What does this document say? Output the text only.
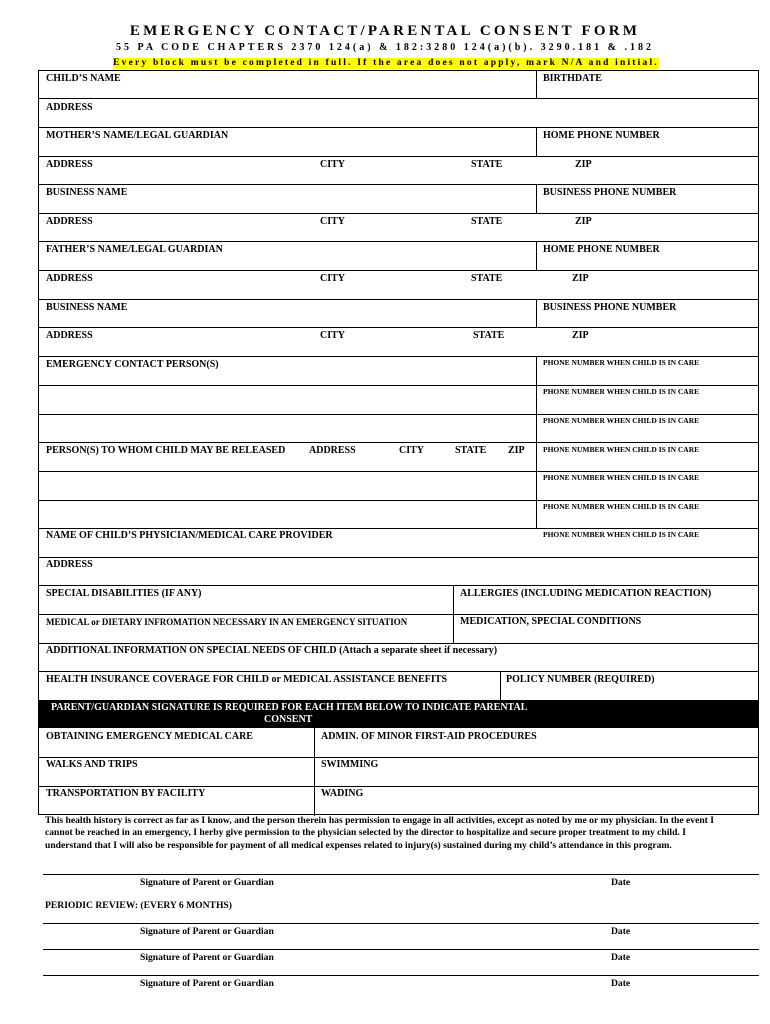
EMERGENCY CONTACT/PARENTAL CONSENT FORM
55 PA CODE CHAPTERS 2370 124(a) & 182:3280 124(a)(b). 3290.181 & .182
Every block must be completed in full. If the area does not apply, mark N/A and initial.
CHILD’S NAME	BIRTHDATE
ADDRESS
MOTHER’S NAME/LEGAL GUARDIAN	HOME PHONE NUMBER
ADDRESS	CITY	STATE	ZIP
BUSINESS NAME	BUSINESS PHONE NUMBER
ADDRESS	CITY	STATE	ZIP
FATHER’S NAME/LEGAL GUARDIAN	HOME PHONE NUMBER
ADDRESS	CITY	STATE	ZIP
BUSINESS NAME	BUSINESS PHONE NUMBER
ADDRESS	CITY	STATE	ZIP
EMERGENCY CONTACT PERSON(S)	PHONE NUMBER WHEN CHILD IS IN CARE
PHONE NUMBER WHEN CHILD IS IN CARE
PHONE NUMBER WHEN CHILD IS IN CARE
PERSON(S) TO WHOM CHILD MAY BE RELEASED ADDRESS	CITY	STATE ZIP PHONE NUMBER WHEN CHILD IS IN CARE
PHONE NUMBER WHEN CHILD IS IN CARE
PHONE NUMBER WHEN CHILD IS IN CARE
NAME OF CHILD’S PHYSICIAN/MEDICAL CARE PROVIDER	PHONE NUMBER WHEN CHILD IS IN CARE
ADDRESS
SPECIAL DISABILITIES (IF ANY)	ALLERGIES (INCLUDING MEDICATION REACTION)
MEDICAL or DIETARY INFROMATION NECESSARY IN AN EMERGENCY SITUATION	MEDICATION, SPECIAL CONDITIONS
ADDITIONAL INFORMATION ON SPECIAL NEEDS OF CHILD (Attach a separate sheet if necessary)
HEALTH INSURANCE COVERAGE FOR CHILD or MEDICAL ASSISTANCE BENEFITS	POLICY NUMBER (REQUIRED)
PARENT/GUARDIAN SIGNATURE IS REQUIRED FOR EACH ITEM BELOW TO INDICATE PARENTAL
CONSENT
OBTAINING EMERGENCY MEDICAL CARE	ADMIN. OF MINOR FIRST-AID PROCEDURES
WALKS AND TRIPS	SWIMMING
TRANSPORTATION BY FACILITY	WADING
This health history is correct as far as I know, and the person therein has permission to engage in all activities, except as noted by me or my physician. In the event I cannot be reached in an emergency, I herby give permission to the physician selected by the director to hospitalize and secure proper treatment to my child. I understand that I will also be responsible for payment of all medical expenses related to injury(s) sustained during my child’s attendance in this program.
Signature of Parent or Guardian	Date
PERIODIC REVIEW: (EVERY 6 MONTHS)
Signature of Parent or Guardian	Date
Signature of Parent or Guardian	Date
Signature of Parent or Guardian	Date
